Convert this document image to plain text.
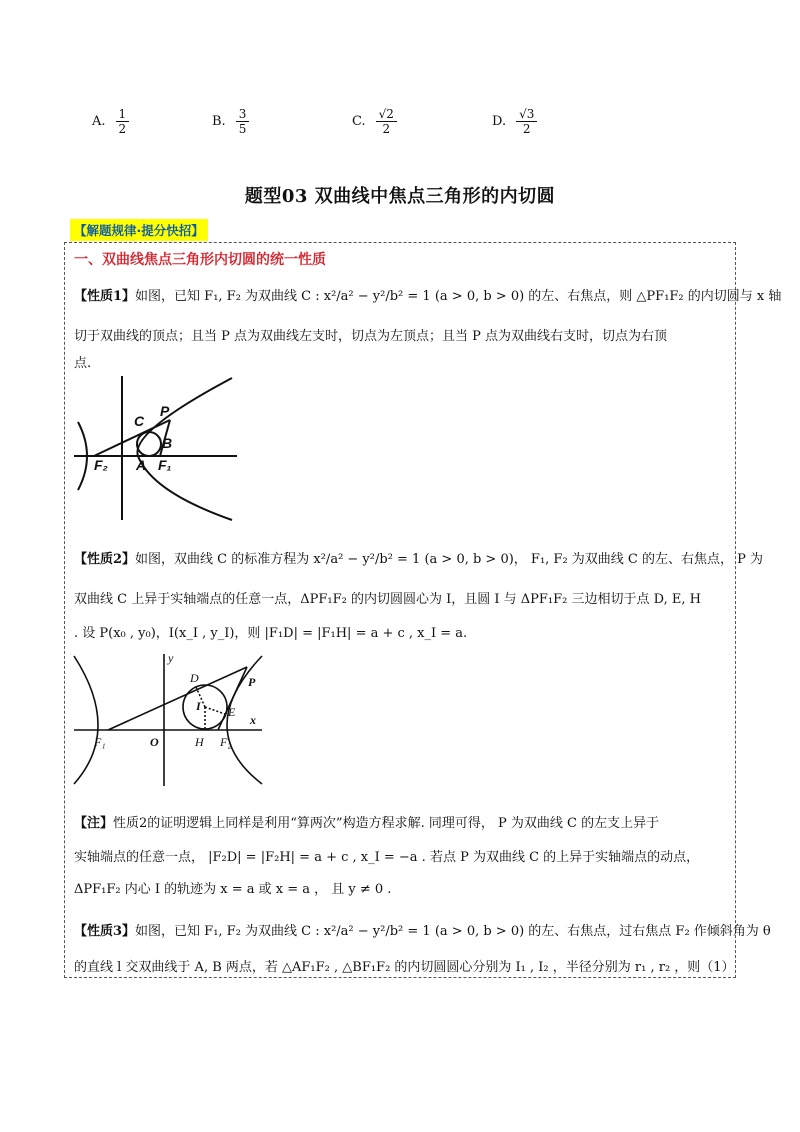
A. $\frac{1}{2}$	B. $\frac{3}{5}$	C. $\frac{√2}{2}$	D. $\frac{√3}{2}$
题型03 双曲线中焦点三角形的内切圆
【解题规律·提分快招】
一、双曲线焦点三角形内切圆的统一性质
【性质1】如图，已知 F₁, F₂ 为双曲线 C : x²/a² − y²/b² = 1 (a > 0, b > 0) 的左、右焦点，则 △PF₁F₂ 的内切圆与 x 轴
切于双曲线的顶点；且当 P 点为双曲线左支时，切点为左顶点；且当 P 点为双曲线右支时，切点为右顶
点.
C
P
B
F₂ A F₁
【性质2】如图，双曲线 C 的标准方程为 x²/a² − y²/b² = 1 (a > 0, b > 0)， F₁, F₂ 为双曲线 C 的左、右焦点， P 为
双曲线 C 上异于实轴端点的任意一点，ΔPF₁F₂ 的内切圆圆心为 I，且圆 I 与 ΔPF₁F₂ 三边相切于点 D, E, H
. 设 P(x₀ , y₀)，I(x_I , y_I)，则 |F₁D| = |F₁H| = a + c , x_I = a.
y
D	P
I E
x
F₁	O	H F₂
【注】性质2的证明逻辑上同样是利用“算两次”构造方程求解. 同理可得， P 为双曲线 C 的左支上异于
实轴端点的任意一点， |F₂D| = |F₂H| = a + c , x_I = −a . 若点 P 为双曲线 C 的上异于实轴端点的动点，
ΔPF₁F₂ 内心 I 的轨迹为 x = a 或 x = a ， 且 y ≠ 0 .
【性质3】如图，已知 F₁, F₂ 为双曲线 C : x²/a² − y²/b² = 1 (a > 0, b > 0) 的左、右焦点，过右焦点 F₂ 作倾斜角为 θ
的直线 l 交双曲线于 A, B 两点，若 △AF₁F₂ , △BF₁F₂ 的内切圆圆心分别为 I₁ , I₂ ，半径分别为 r₁ , r₂ ，则（1）
